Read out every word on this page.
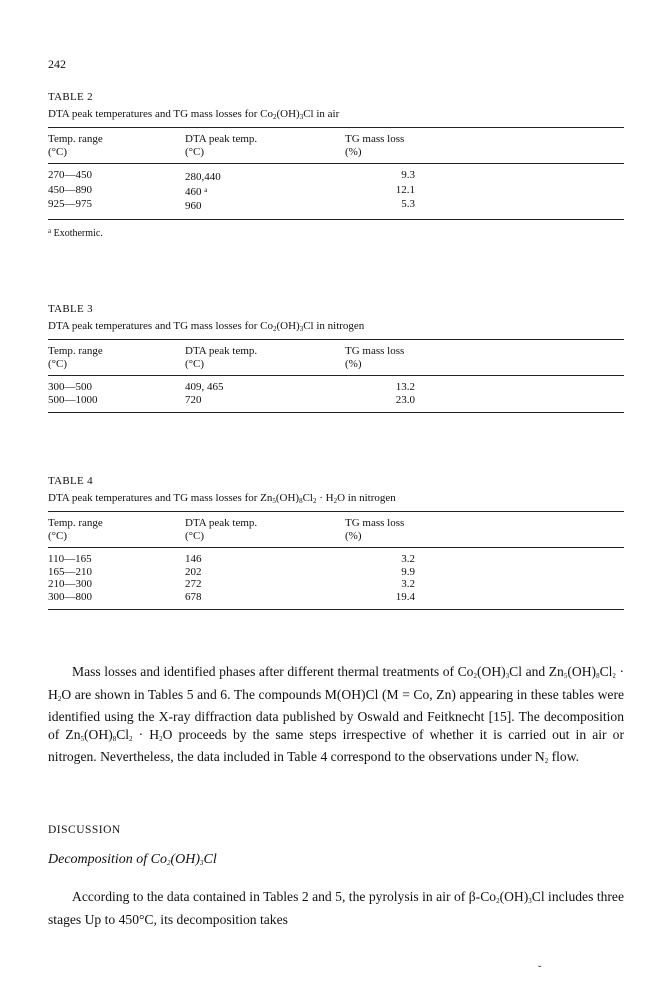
242

TABLE 2

DTA peak temperatures and TG mass losses for $Co_2(OH)_3Cl$ in air

Temp. range	DTA peak temp.	TG mass loss
(°C)	(°C)	(%)
270—450	280,440	9.3
450—890	460 $^a$	12.1
925—975	960	5.3
$^a$ Exothermic.

TABLE 3

DTA peak temperatures and TG mass losses for $Co_2(OH)_3Cl$ in nitrogen

Temp. range	DTA peak temp.	TG mass loss
(°C)	(°C)	(%)
300—500	409, 465	13.2
500—1000	720	23.0

TABLE 4

DTA peak temperatures and TG mass losses for $Zn_5(OH)_8Cl_2 \cdot H_2O$ in nitrogen

Temp. range	DTA peak temp.	TG mass loss
(°C)	(°C)	(%)
110—165	146	3.2
165—210	202	9.9
210—300	272	3.2
300—800	678	19.4

Mass losses and identified phases after different thermal treatments of $Co_2(OH)_3Cl$ and $Zn_5(OH)_8Cl_2 \cdot H_2O$ are shown in Tables 5 and 6. The compounds M(OH)Cl (M = Co, Zn) appearing in these tables were identified using the X-ray diffraction data published by Oswald and Feitknecht [15]. The decomposition of $Zn_5(OH)_8Cl_2 \cdot H_2O$ proceeds by the same steps irrespective of whether it is carried out in air or nitrogen. Nevertheless, the data included in Table 4 correspond to the observations under $N_2$ flow.

DISCUSSION
Decomposition of $Co_2(OH)_3Cl$

According to the data contained in Tables 2 and 5, the pyrolysis in air of $\beta-Co_2(OH)_3Cl$ includes three stages Up to 450°C, its decomposition takes

ˇ
